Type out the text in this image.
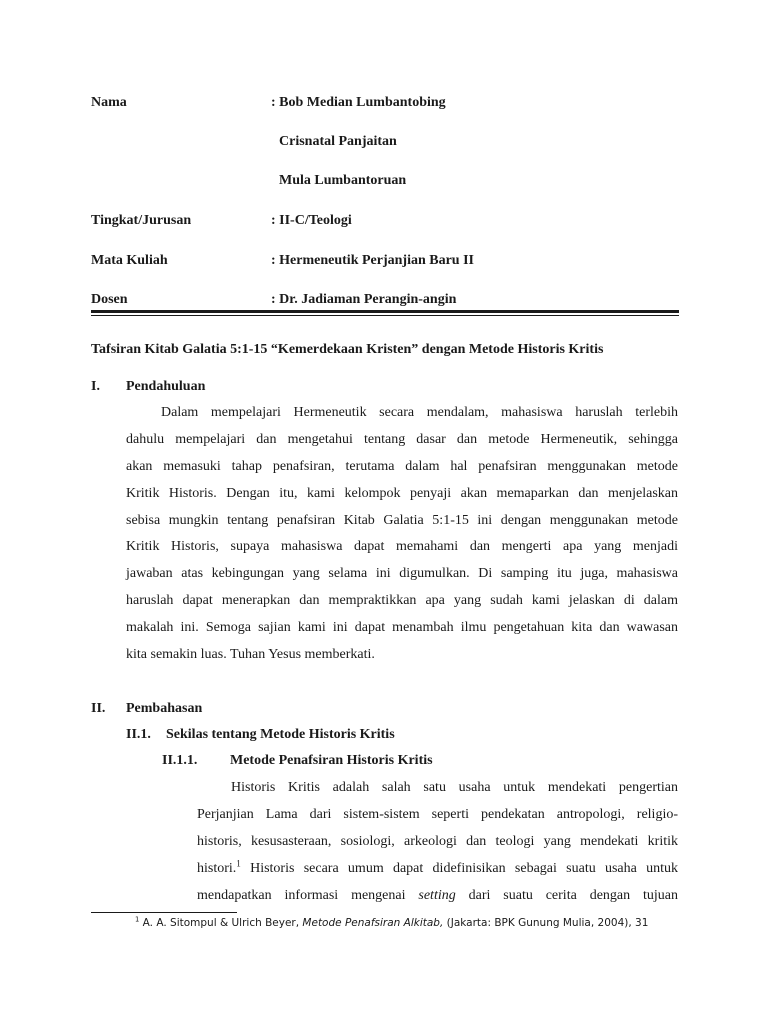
Nama	: Bob Median Lumbantobing
Crisnatal Panjaitan
Mula Lumbantoruan
Tingkat/Jurusan	: II-C/Teologi
Mata Kuliah	: Hermeneutik Perjanjian Baru II
Dosen	: Dr. Jadiaman Perangin-angin
Tafsiran Kitab Galatia 5:1-15 “Kemerdekaan Kristen” dengan Metode Historis Kritis
I. Pendahuluan
Dalam mempelajari Hermeneutik secara mendalam, mahasiswa haruslah terlebih
dahulu mempelajari dan mengetahui tentang dasar dan metode Hermeneutik, sehingga
akan memasuki tahap penafsiran, terutama dalam hal penafsiran menggunakan metode
Kritik Historis. Dengan itu, kami kelompok penyaji akan memaparkan dan menjelaskan
sebisa mungkin tentang penafsiran Kitab Galatia 5:1-15 ini dengan menggunakan metode
Kritik Historis, supaya mahasiswa dapat memahami dan mengerti apa yang menjadi
jawaban atas kebingungan yang selama ini digumulkan. Di samping itu juga, mahasiswa
haruslah dapat menerapkan dan mempraktikkan apa yang sudah kami jelaskan di dalam
makalah ini. Semoga sajian kami ini dapat menambah ilmu pengetahuan kita dan wawasan
kita semakin luas. Tuhan Yesus memberkati.
II. Pembahasan
II.1. Sekilas tentang Metode Historis Kritis
II.1.1. Metode Penafsiran Historis Kritis
Historis Kritis adalah salah satu usaha untuk mendekati pengertian
Perjanjian Lama dari sistem-sistem seperti pendekatan antropologi, religio-
historis, kesusasteraan, sosiologi, arkeologi dan teologi yang mendekati kritik
histori.$^1$ Historis secara umum dapat didefinisikan sebagai suatu usaha untuk
mendapatkan informasi mengenai setting dari suatu cerita dengan tujuan
$^1$ A. A. Sitompul & Ulrich Beyer, Metode Penafsiran Alkitab, (Jakarta: BPK Gunung Mulia, 2004), 31
